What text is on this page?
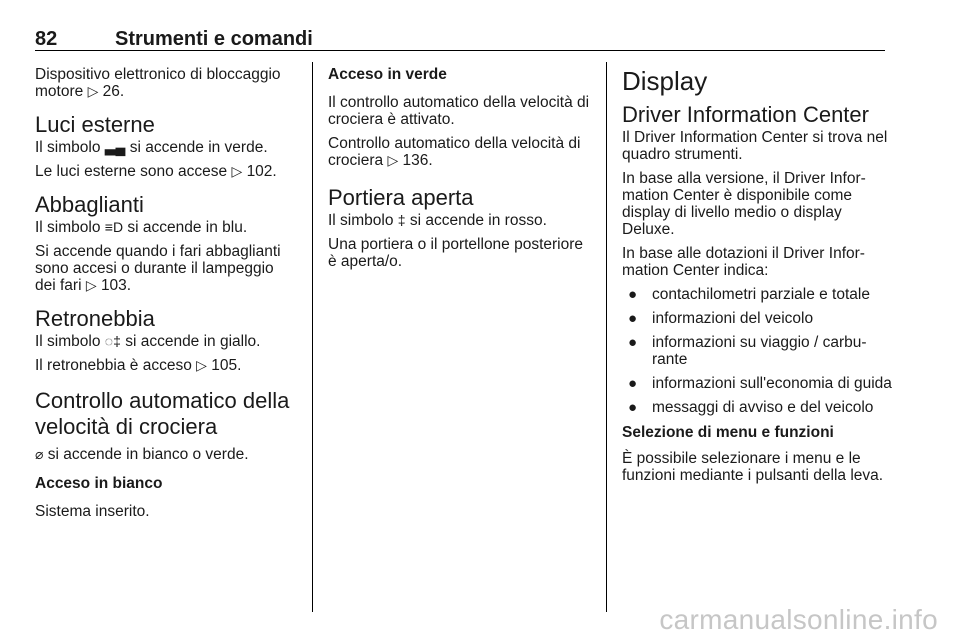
82	Strumenti e comandi

Dispositivo elettronico di bloccaggio motore ▷ 26.

Luci esterne

Il simbolo ▃▄ si accende in verde.

Le luci esterne sono accese ▷ 102.

Abbaglianti

Il simbolo ≡D si accende in blu.

Si accende quando i fari abbaglianti sono accesi o durante il lampeggio dei fari ▷ 103.

Retronebbia

Il simbolo ◌‡ si accende in giallo.

Il retronebbia è acceso ▷ 105.

Controllo automatico della velocità di crociera

⌀ si accende in bianco o verde.

Acceso in bianco

Sistema inserito.

Acceso in verde

Il controllo automatico della velocità di crociera è attivato.

Controllo automatico della velocità di crociera ▷ 136.

Portiera aperta

Il simbolo ‡ si accende in rosso.

Una portiera o il portellone posteriore è aperta/o.

Display
Driver Information Center

Il Driver Information Center si trova nel quadro strumenti.

In base alla versione, il Driver Infor-mation Center è disponibile come display di livello medio o display Deluxe.

In base alle dotazioni il Driver Infor-mation Center indica:

● contachilometri parziale e totale
● informazioni del veicolo
● informazioni su viaggio / carbu-rante
● informazioni sull'economia di guida
● messaggi di avviso e del veicolo
Selezione di menu e funzioni

È possibile selezionare i menu e le funzioni mediante i pulsanti della leva.

carmanualsonline.info
